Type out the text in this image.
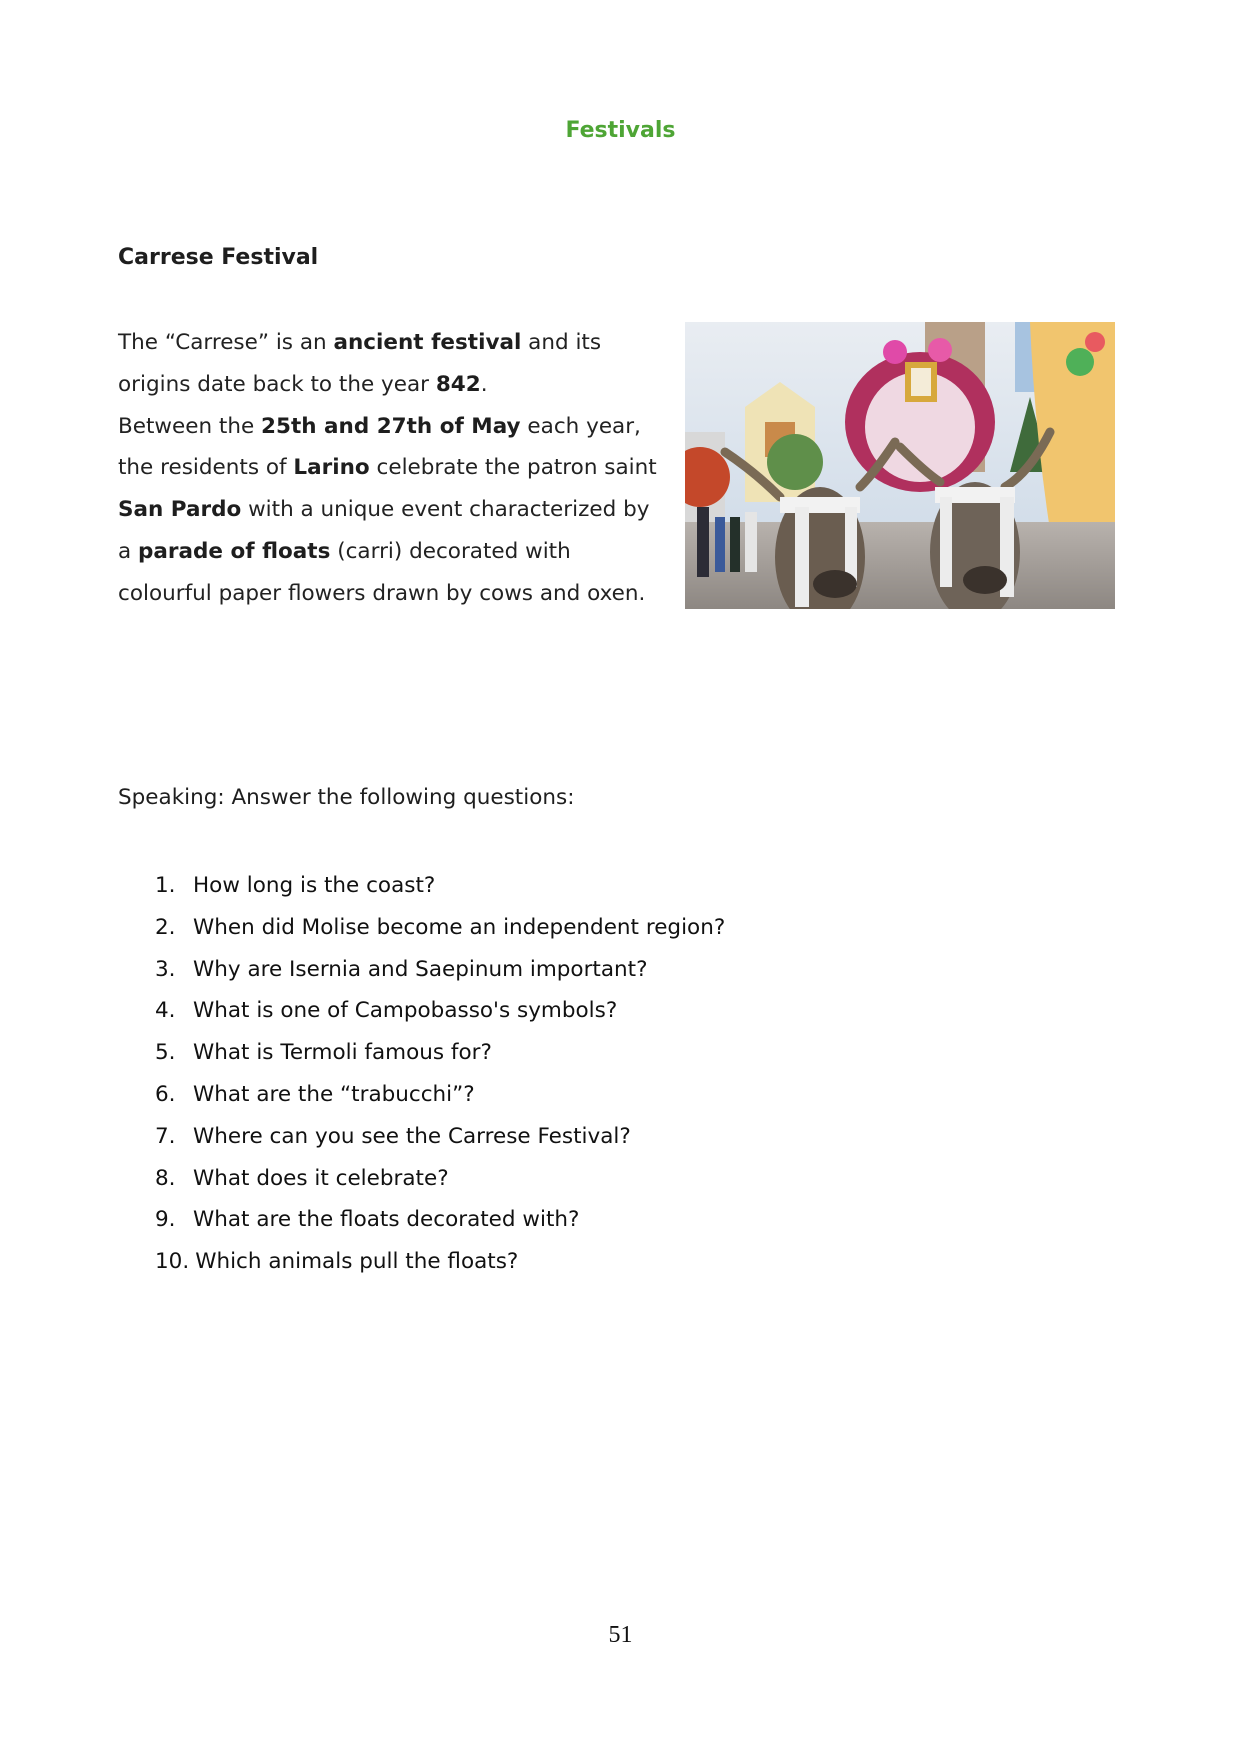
Festivals
Carrese Festival
The “Carrese” is an ancient festival and its origins date back to the year 842.
Between the 25th and 27th of May each year, the residents of Larino celebrate the patron saint San Pardo with a unique event characterized by a parade of floats (carri) decorated with colourful paper flowers drawn by cows and oxen.
Speaking: Answer the following questions:
1. How long is the coast?
2. When did Molise become an independent region?
3. Why are Isernia and Saepinum important?
4. What is one of Campobasso's symbols?
5. What is Termoli famous for?
6. What are the “trabucchi”?
7. Where can you see the Carrese Festival?
8. What does it celebrate?
9. What are the floats decorated with?
10. Which animals pull the floats?
51
